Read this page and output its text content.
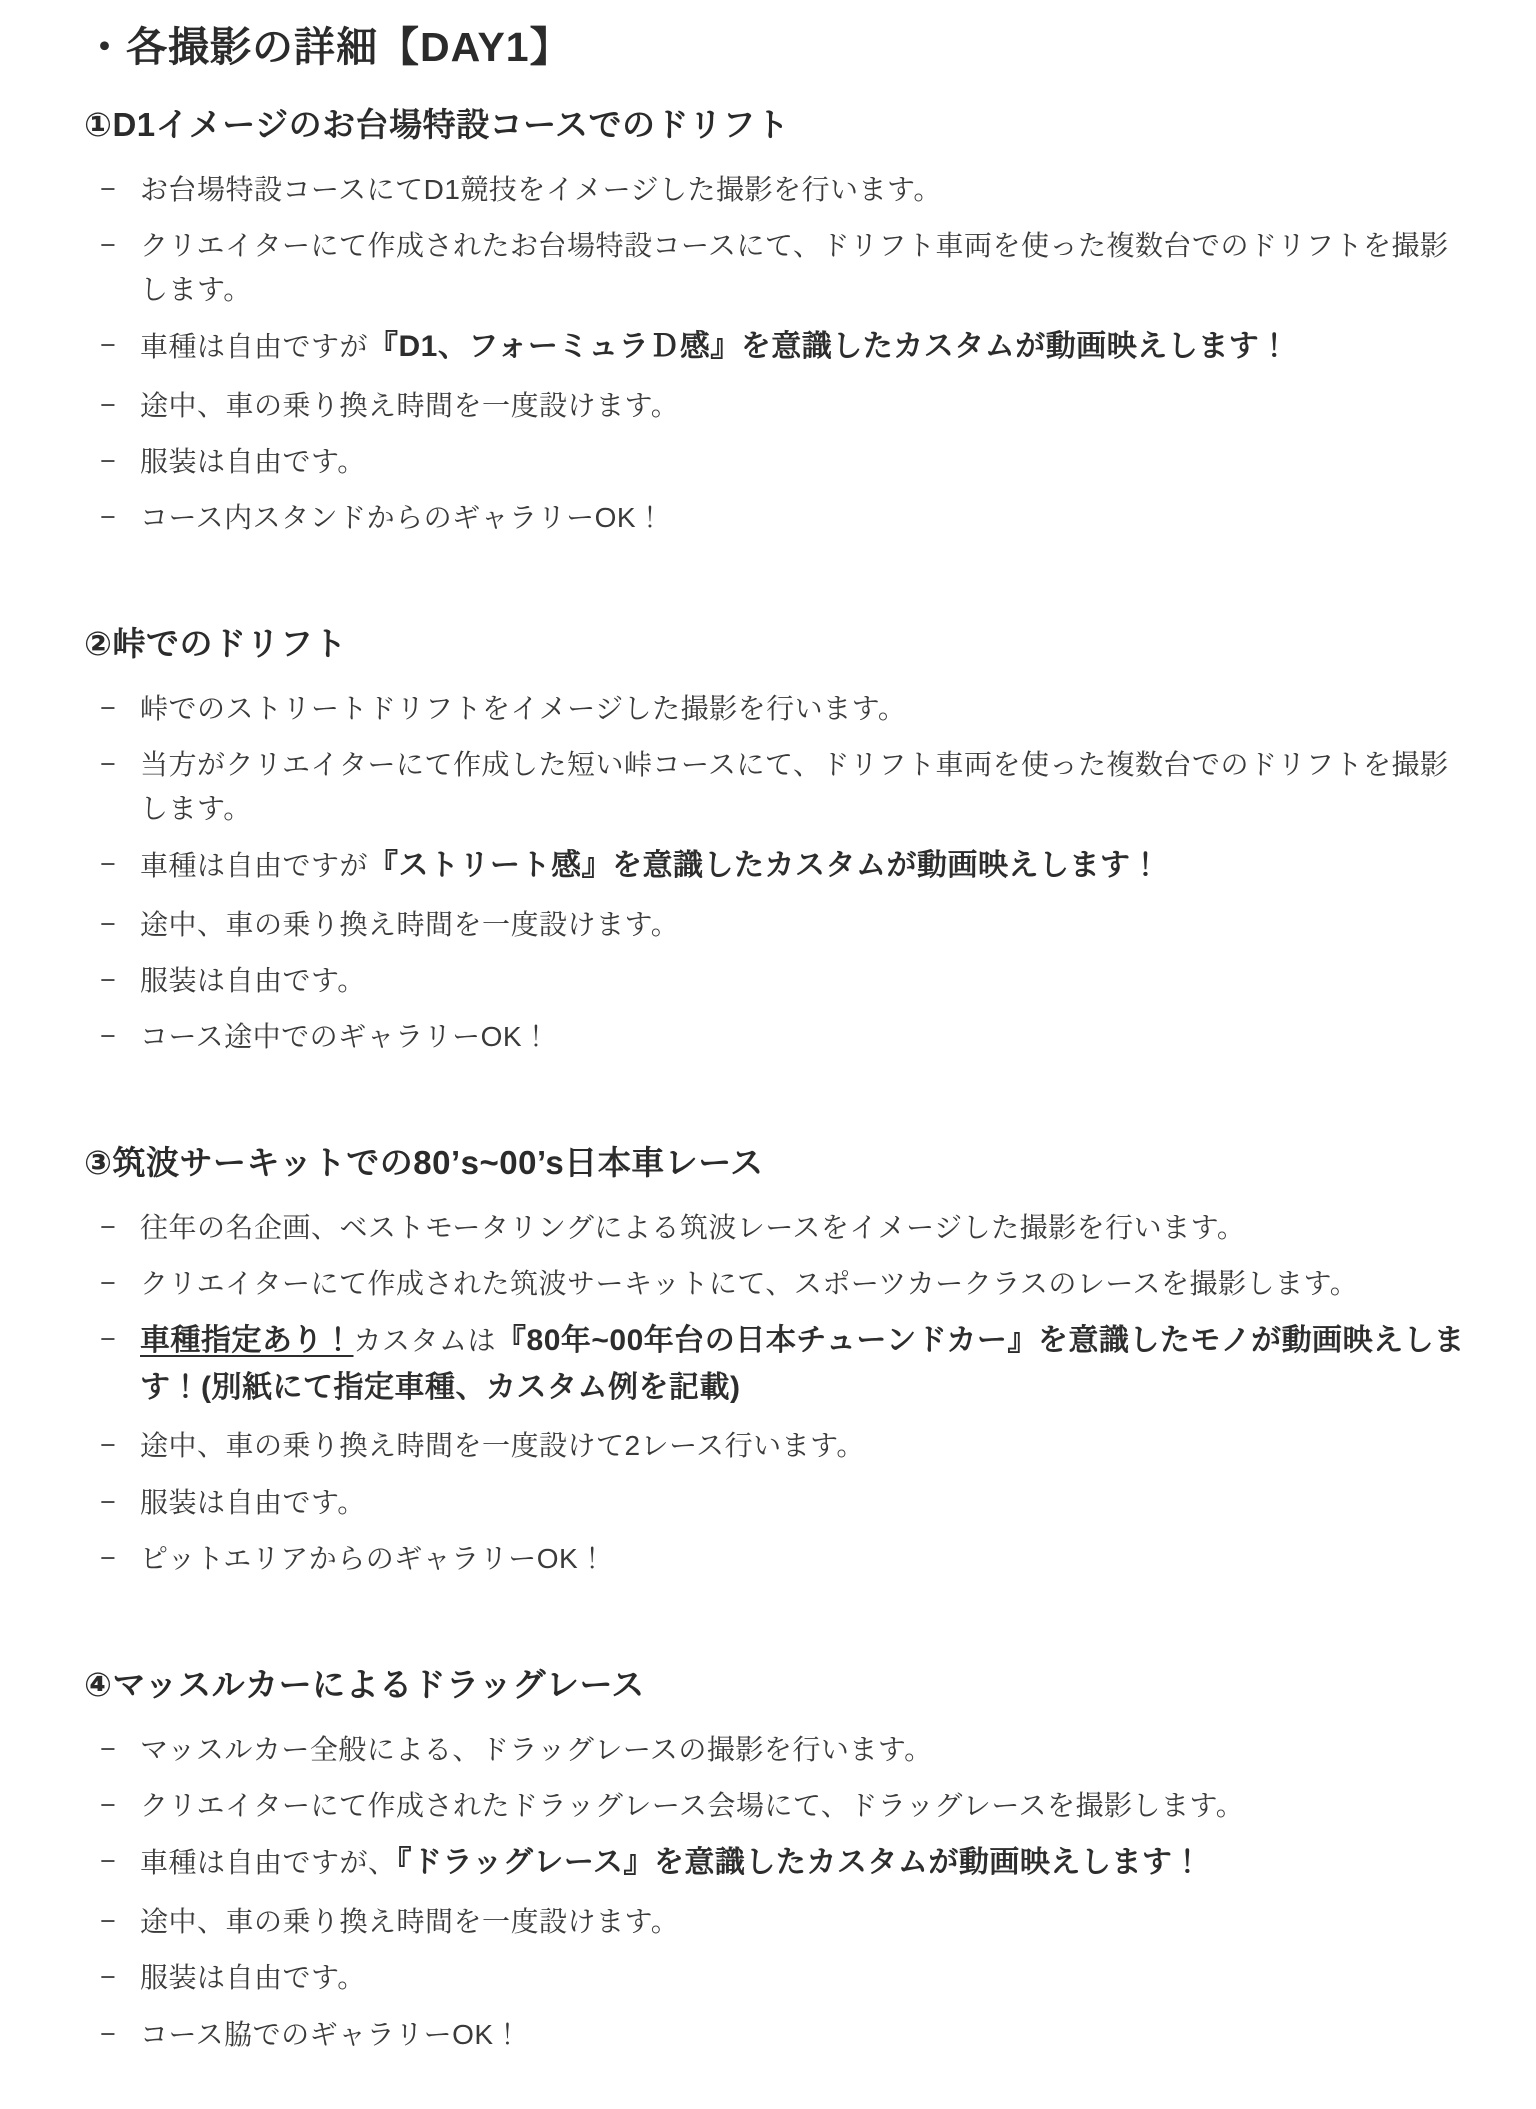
・各撮影の詳細【DAY1】
①D1イメージのお台場特設コースでのドリフト
− お台場特設コースにてD1競技をイメージした撮影を行います。
− クリエイターにて作成されたお台場特設コースにて、ドリフト車両を使った複数台でのドリフトを撮影します。
− 車種は自由ですが『D1、フォーミュラＤ感』を意識したカスタムが動画映えします！
− 途中、車の乗り換え時間を一度設けます。
− 服装は自由です。
− コース内スタンドからのギャラリーOK！
②峠でのドリフト
− 峠でのストリートドリフトをイメージした撮影を行います。
− 当方がクリエイターにて作成した短い峠コースにて、ドリフト車両を使った複数台でのドリフトを撮影します。
− 車種は自由ですが『ストリート感』を意識したカスタムが動画映えします！
− 途中、車の乗り換え時間を一度設けます。
− 服装は自由です。
− コース途中でのギャラリーOK！
③筑波サーキットでの80’s~00’s日本車レース
− 往年の名企画、ベストモータリングによる筑波レースをイメージした撮影を行います。
− クリエイターにて作成された筑波サーキットにて、スポーツカークラスのレースを撮影します。
− 車種指定あり！カスタムは『80年~00年台の日本チューンドカー』を意識したモノが動画映えします！(別紙にて指定車種、カスタム例を記載)
− 途中、車の乗り換え時間を一度設けて2レース行います。
− 服装は自由です。
− ピットエリアからのギャラリーOK！
④マッスルカーによるドラッグレース
− マッスルカー全般による、ドラッグレースの撮影を行います。
− クリエイターにて作成されたドラッグレース会場にて、ドラッグレースを撮影します。
− 車種は自由ですが、『ドラッグレース』を意識したカスタムが動画映えします！
− 途中、車の乗り換え時間を一度設けます。
− 服装は自由です。
− コース脇でのギャラリーOK！
